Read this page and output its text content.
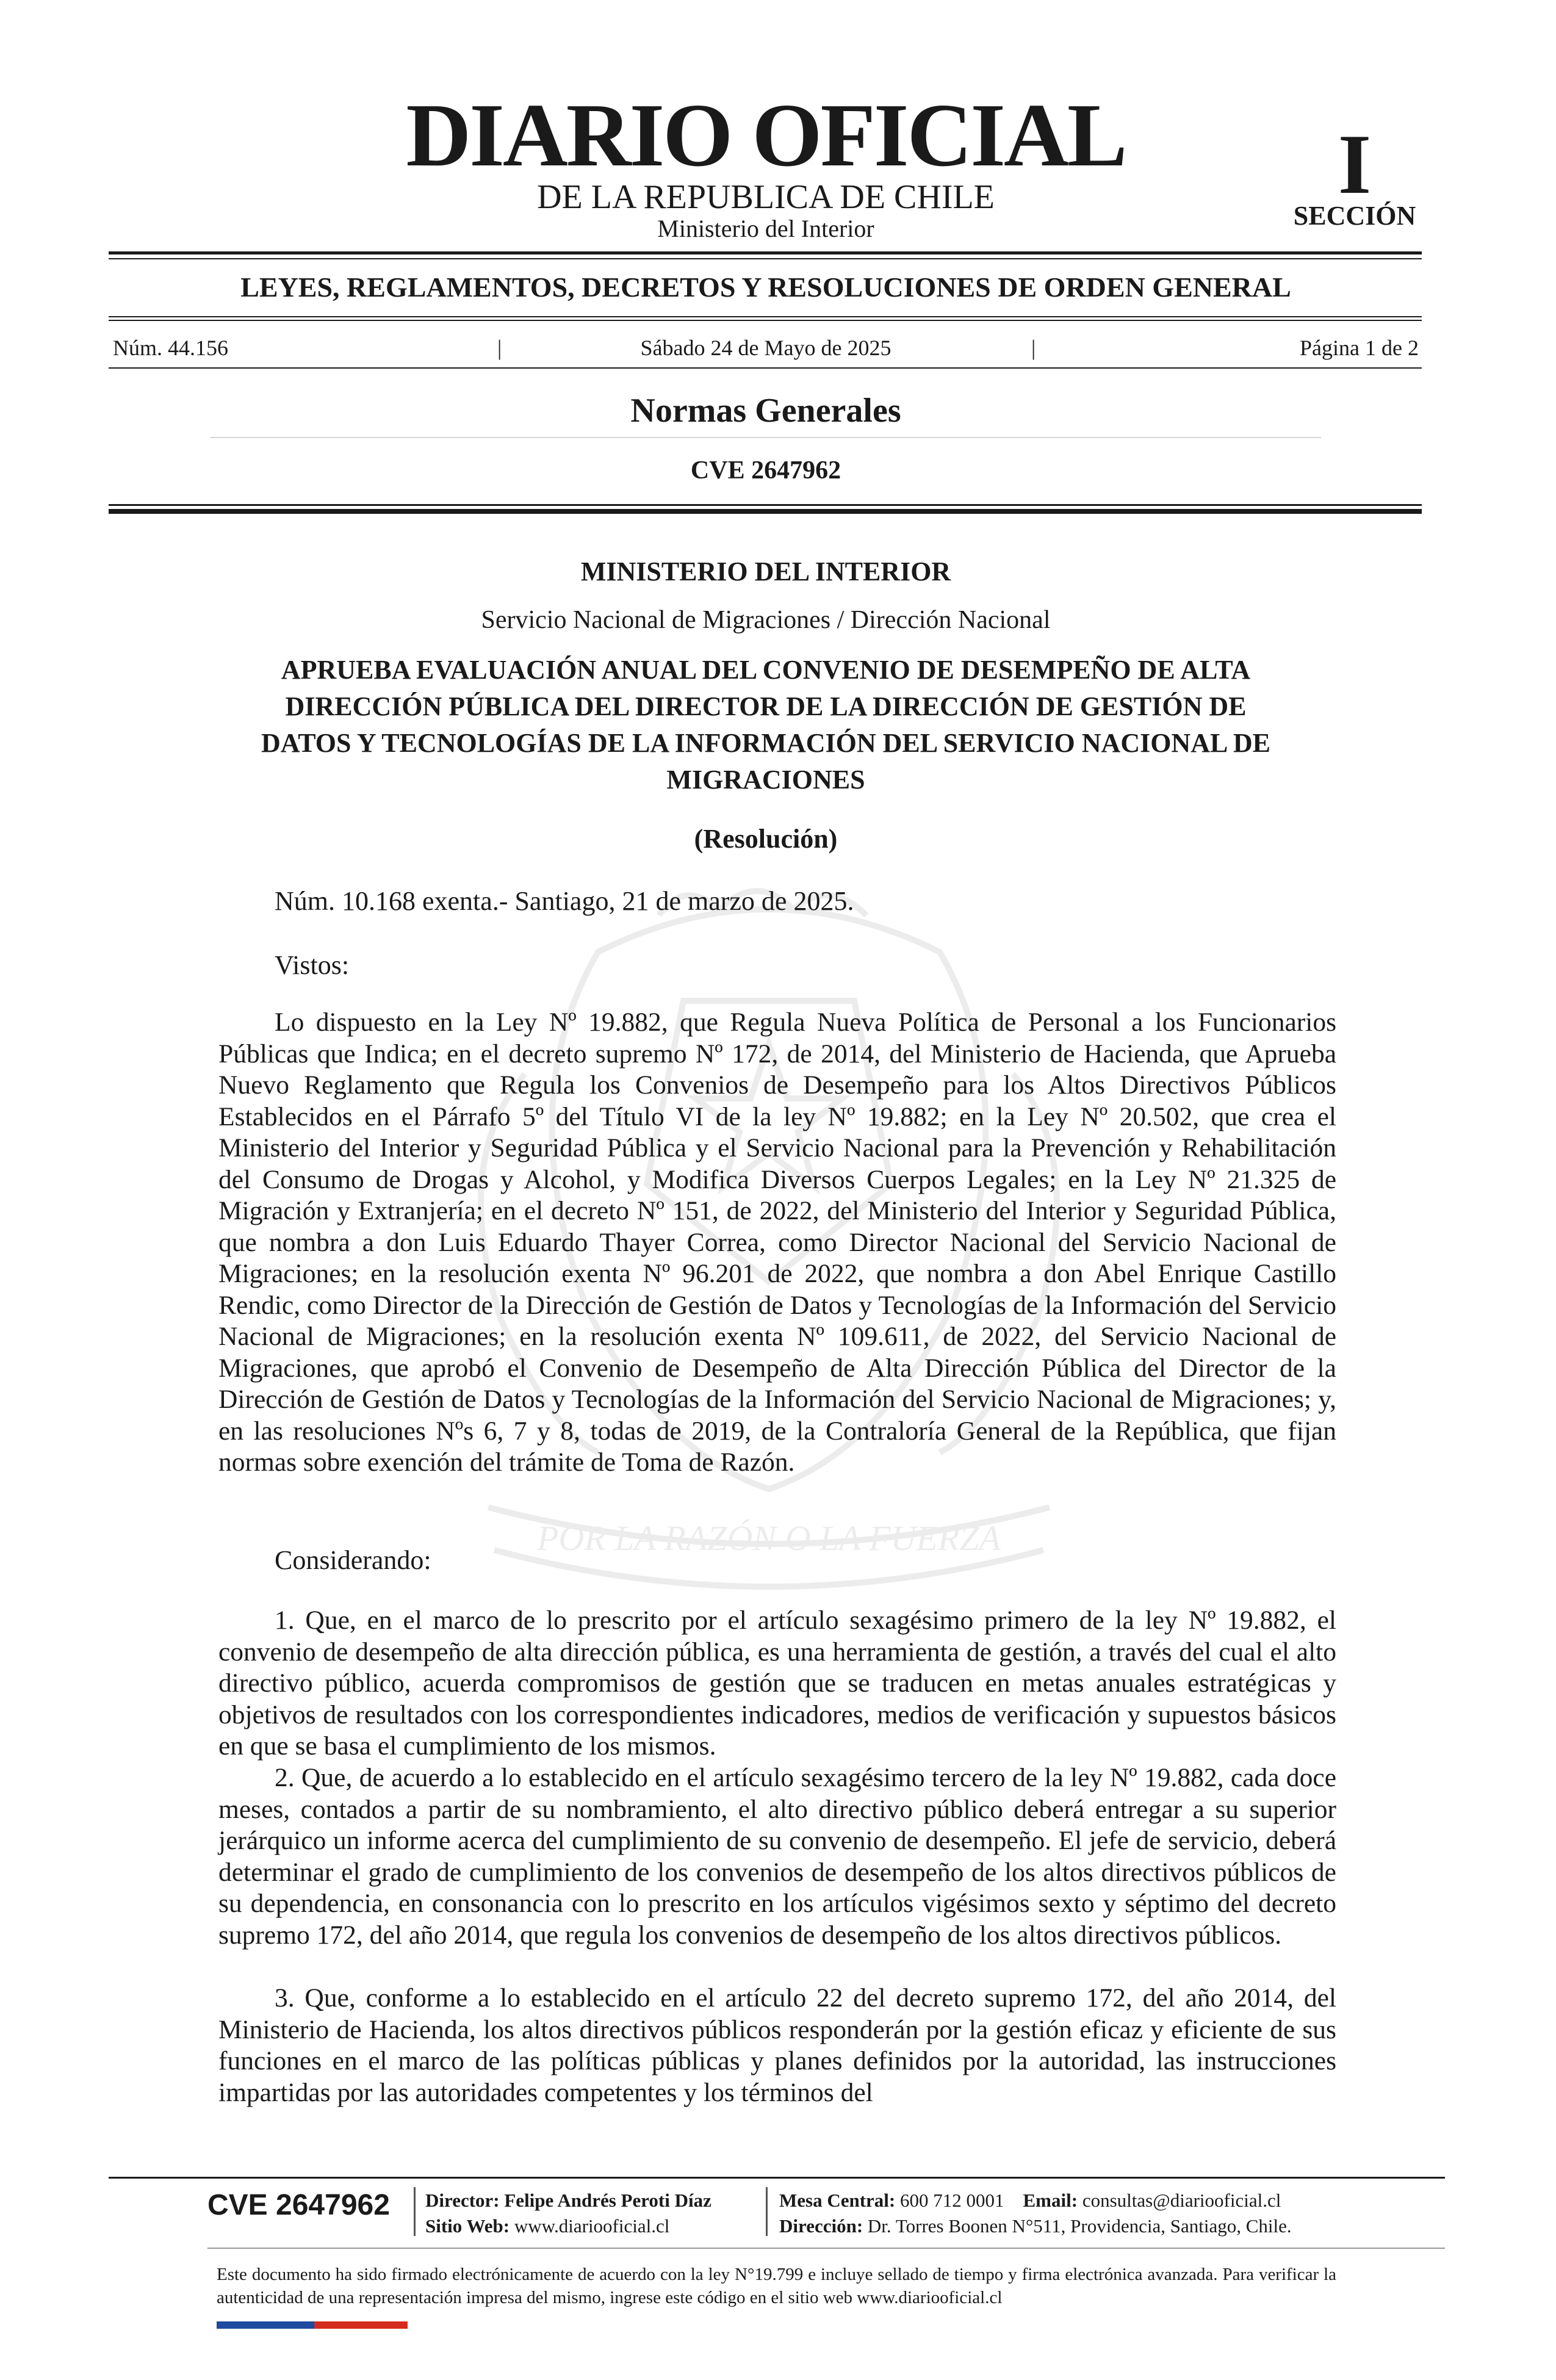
DIARIO OFICIAL
DE LA REPUBLICA DE CHILE
Ministerio del Interior
I
SECCIÓN
LEYES, REGLAMENTOS, DECRETOS Y RESOLUCIONES DE ORDEN GENERAL
Núm. 44.156	|	Sábado 24 de Mayo de 2025	|	Página 1 de 2
Normas Generales
CVE 2647962
POR LA RAZÓN O LA FUERZA
MINISTERIO DEL INTERIOR
Servicio Nacional de Migraciones / Dirección Nacional
APRUEBA EVALUACIÓN ANUAL DEL CONVENIO DE DESEMPEÑO DE ALTA
DIRECCIÓN PÚBLICA DEL DIRECTOR DE LA DIRECCIÓN DE GESTIÓN DE
DATOS Y TECNOLOGÍAS DE LA INFORMACIÓN DEL SERVICIO NACIONAL DE
MIGRACIONES
(Resolución)
Núm. 10.168 exenta.- Santiago, 21 de marzo de 2025.
Vistos:

Lo dispuesto en la Ley Nº 19.882, que Regula Nueva Política de Personal a los Funcionarios Públicas que Indica; en el decreto supremo Nº 172, de 2014, del Ministerio de Hacienda, que Aprueba Nuevo Reglamento que Regula los Convenios de Desempeño para los Altos Directivos Públicos Establecidos en el Párrafo 5º del Título VI de la ley Nº 19.882; en la Ley Nº 20.502, que crea el Ministerio del Interior y Seguridad Pública y el Servicio Nacional para la Prevención y Rehabilitación del Consumo de Drogas y Alcohol, y Modifica Diversos Cuerpos Legales; en la Ley Nº 21.325 de Migración y Extranjería; en el decreto Nº 151, de 2022, del Ministerio del Interior y Seguridad Pública, que nombra a don Luis Eduardo Thayer Correa, como Director Nacional del Servicio Nacional de Migraciones; en la resolución exenta Nº 96.201 de 2022, que nombra a don Abel Enrique Castillo Rendic, como Director de la Dirección de Gestión de Datos y Tecnologías de la Información del Servicio Nacional de Migraciones; en la resolución exenta Nº 109.611, de 2022, del Servicio Nacional de Migraciones, que aprobó el Convenio de Desempeño de Alta Dirección Pública del Director de la Dirección de Gestión de Datos y Tecnologías de la Información del Servicio Nacional de Migraciones; y, en las resoluciones Nºs 6, 7 y 8, todas de 2019, de la Contraloría General de la República, que fijan normas sobre exención del trámite de Toma de Razón.

Considerando:

1. Que, en el marco de lo prescrito por el artículo sexagésimo primero de la ley Nº 19.882, el convenio de desempeño de alta dirección pública, es una herramienta de gestión, a través del cual el alto directivo público, acuerda compromisos de gestión que se traducen en metas anuales estratégicas y objetivos de resultados con los correspondientes indicadores, medios de verificación y supuestos básicos en que se basa el cumplimiento de los mismos.

2. Que, de acuerdo a lo establecido en el artículo sexagésimo tercero de la ley Nº 19.882, cada doce meses, contados a partir de su nombramiento, el alto directivo público deberá entregar a su superior jerárquico un informe acerca del cumplimiento de su convenio de desempeño. El jefe de servicio, deberá determinar el grado de cumplimiento de los convenios de desempeño de los altos directivos públicos de su dependencia, en consonancia con lo prescrito en los artículos vigésimos sexto y séptimo del decreto supremo 172, del año 2014, que regula los convenios de desempeño de los altos directivos públicos.

3. Que, conforme a lo establecido en el artículo 22 del decreto supremo 172, del año 2014, del Ministerio de Hacienda, los altos directivos públicos responderán por la gestión eficaz y eficiente de sus funciones en el marco de las políticas públicas y planes definidos por la autoridad, las instrucciones impartidas por las autoridades competentes y los términos del

CVE 2647962	Director: Felipe Andrés Peroti Díaz
Sitio Web: www.diariooficial.cl
Mesa Central: 600 712 0001 Email: consultas@diariooficial.cl
Dirección: Dr. Torres Boonen N°511, Providencia, Santiago, Chile.
Este documento ha sido firmado electrónicamente de acuerdo con la ley N°19.799 e incluye sellado de tiempo y firma electrónica avanzada. Para verificar la autenticidad de una representación impresa del mismo, ingrese este código en el sitio web www.diariooficial.cl
